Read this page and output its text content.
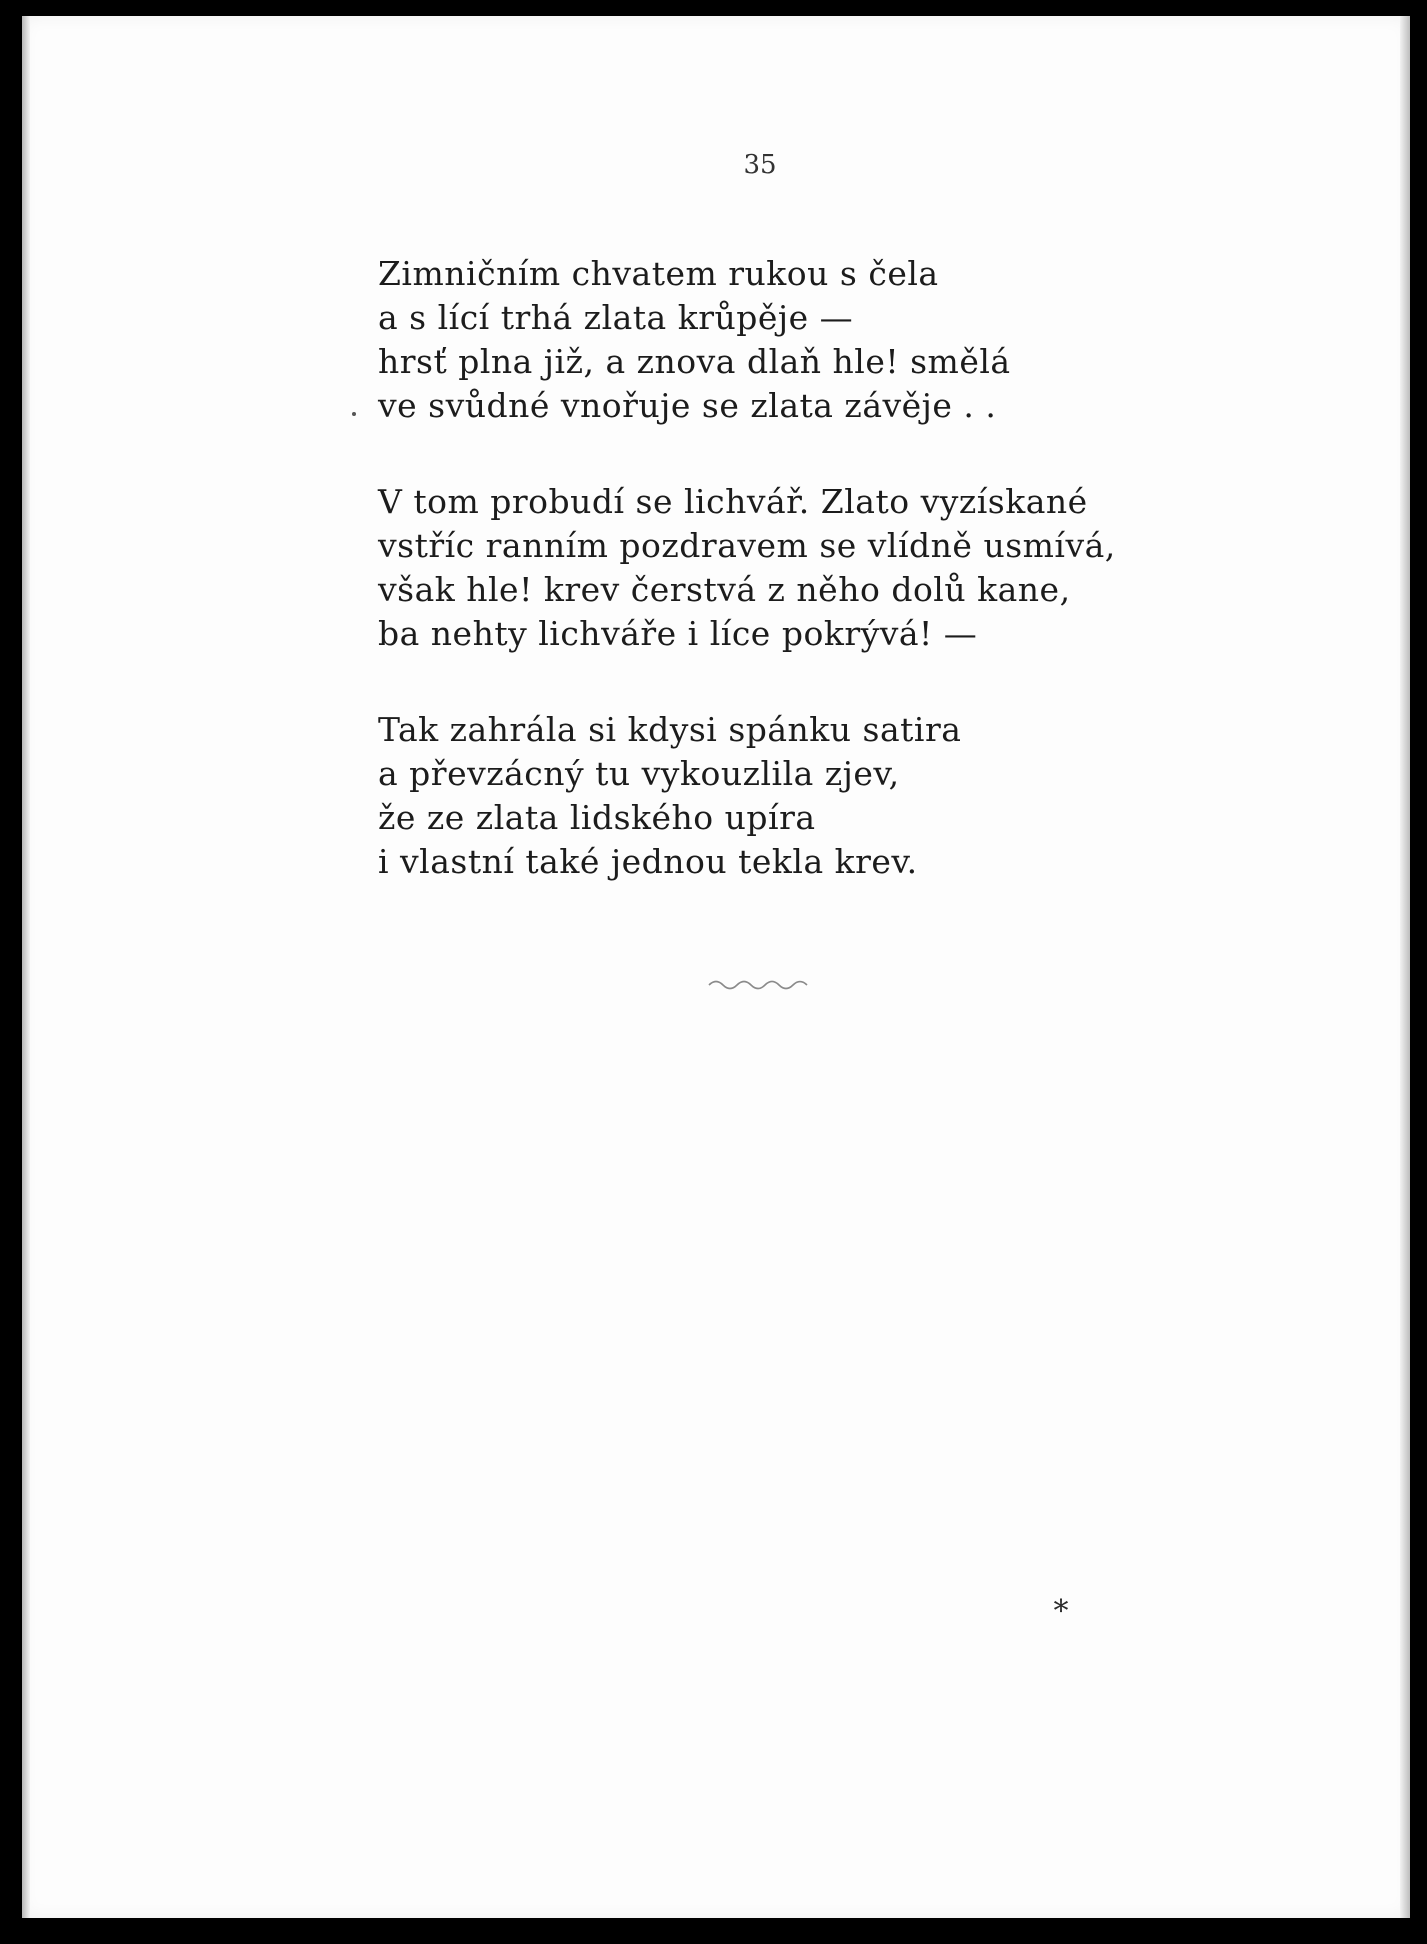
35
Zimničním chvatem rukou s čela
a s lící trhá zlata krůpěje —
hrsť plna již, a znova dlaň hle! smělá
ve svůdné vnořuje se zlata závěje . .
V tom probudí se lichvář. Zlato vyzískané
vstříc ranním pozdravem se vlídně usmívá,
však hle! krev čerstvá z něho dolů kane,
ba nehty lichváře i líce pokrývá! —
Tak zahrála si kdysi spánku satira
a převzácný tu vykouzlila zjev,
že ze zlata lidského upíra
i vlastní také jednou tekla krev.
*
